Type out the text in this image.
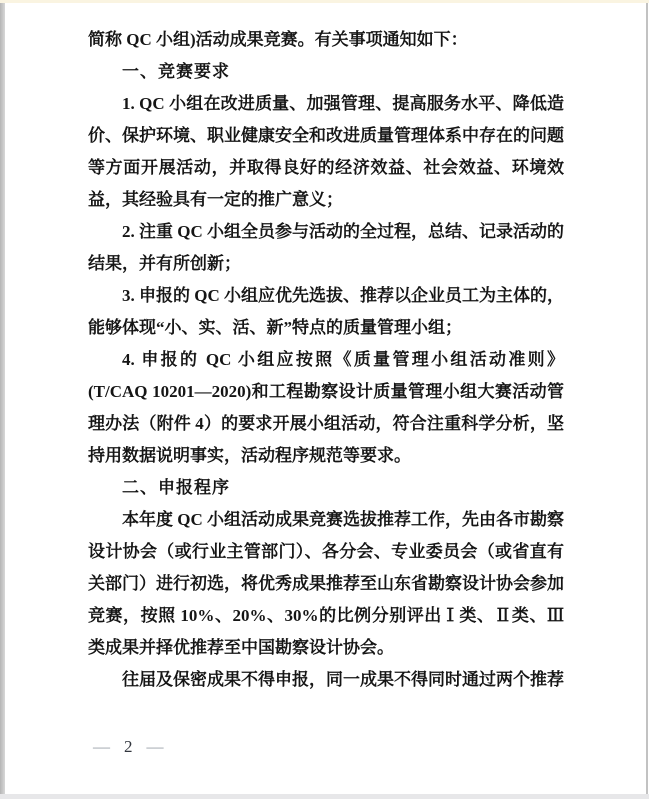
简称 QC 小组)活动成果竞赛。有关事项通知如下：

一、竞赛要求

1. QC 小组在改进质量、加强管理、提高服务水平、降低造价、保护环境、职业健康安全和改进质量管理体系中存在的问题等方面开展活动，并取得良好的经济效益、社会效益、环境效益，其经验具有一定的推广意义；

2. 注重 QC 小组全员参与活动的全过程，总结、记录活动的结果，并有所创新；

3. 申报的 QC 小组应优先选拔、推荐以企业员工为主体的，能够体现“小、实、活、新”特点的质量管理小组；

4. 申报的 QC 小组应按照《质量管理小组活动准则》(T/CAQ 10201—2020)和工程勘察设计质量管理小组大赛活动管理办法（附件 4）的要求开展小组活动，符合注重科学分析，坚持用数据说明事实，活动程序规范等要求。

二、申报程序

本年度 QC 小组活动成果竞赛选拔推荐工作，先由各市勘察设计协会（或行业主管部门）、各分会、专业委员会（或省直有关部门）进行初选，将优秀成果推荐至山东省勘察设计协会参加竞赛，按照 10%、20%、30%的比例分别评出Ⅰ类、Ⅱ类、Ⅲ类成果并择优推荐至中国勘察设计协会。

往届及保密成果不得申报，同一成果不得同时通过两个推荐

— 2 —
